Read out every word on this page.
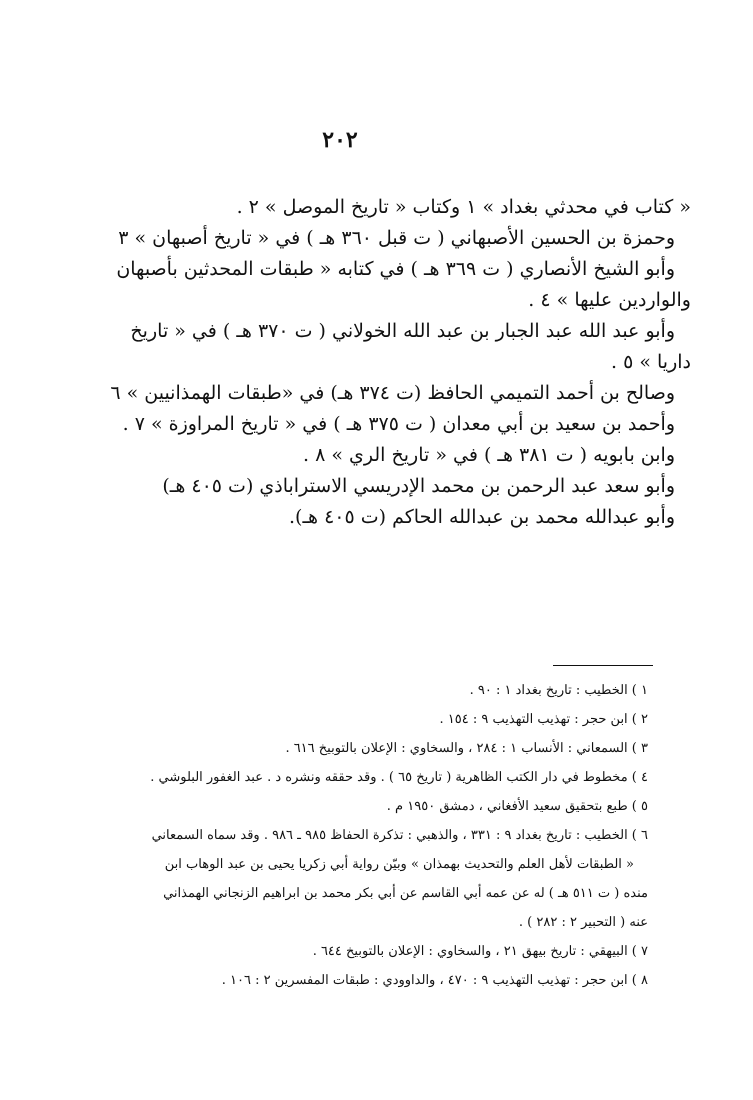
٢٠٢

« كتاب في محدثي بغداد » ١ وكتاب « تاريخ الموصل » ٢ .

وحمزة بن الحسين الأصبهاني ( ت قبل ٣٦٠ هـ ) في « تاريخ أصبهان » ٣

وأبو الشيخ الأنصاري ( ت ٣٦٩ هـ ) في كتابه « طبقات المحدثين بأصبهان

والواردين عليها » ٤ .

وأبو عبد الله عبد الجبار بن عبد الله الخولاني ( ت ٣٧٠ هـ ) في « تاريخ

داريا » ٥ .

وصالح بن أحمد التميمي الحافظ (ت ٣٧٤ هـ) في «طبقات الهمذانيين » ٦

وأحمد بن سعيد بن أبي معدان ( ت ٣٧٥ هـ ) في « تاريخ المراوزة » ٧ .

وابن بابويه ( ت ٣٨١ هـ ) في « تاريخ الري » ٨ .

وأبو سعد عبد الرحمن بن محمد الإدريسي الاستراباذي (ت ٤٠٥ هـ)

وأبو عبدالله محمد بن عبدالله الحاكم (ت ٤٠٥ هـ).

١ ) الخطيب : تاريخ بغداد ١ : ٩٠ .

٢ ) ابن حجر : تهذيب التهذيب ٩ : ١٥٤ .

٣ ) السمعاني : الأنساب ١ : ٢٨٤ ، والسخاوي : الإعلان بالتوبيخ ٦١٦ .

٤ ) مخطوط في دار الكتب الظاهرية ( تاريخ ٦٥ ) . وقد حققه ونشره د . عبد الغفور البلوشي .

٥ ) طبع بتحقيق سعيد الأفغاني ، دمشق ١٩٥٠ م .

٦ ) الخطيب : تاريخ بغداد ٩ : ٣٣١ ، والذهبي : تذكرة الحفاظ ٩٨٥ ـ ٩٨٦ . وقد سماه السمعاني

« الطبقات لأهل العلم والتحديث بهمذان » وبيّن رواية أبي زكريا يحيى بن عبد الوهاب ابن

منده ( ت ٥١١ هـ ) له عن عمه أبي القاسم عن أبي بكر محمد بن ابراهيم الزنجاني الهمذاني

عنه ( التحبير ٢ : ٢٨٢ ) .

٧ ) البيهقي : تاريخ بيهق ٢١ ، والسخاوي : الإعلان بالتوبيخ ٦٤٤ .

٨ ) ابن حجر : تهذيب التهذيب ٩ : ٤٧٠ ، والداوودي : طبقات المفسرين ٢ : ١٠٦ .
